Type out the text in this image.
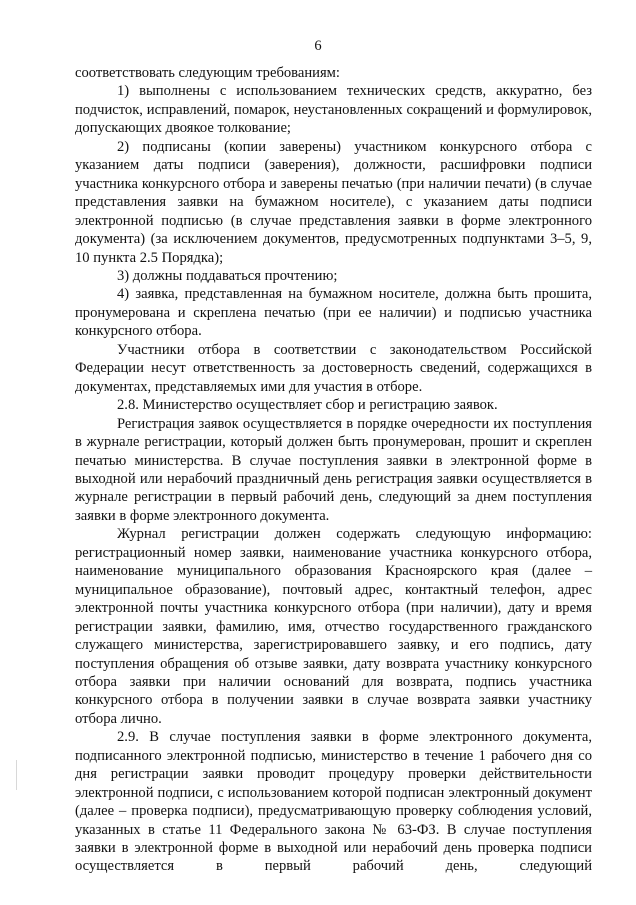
6

соответствовать следующим требованиям:

1) выполнены с использованием технических средств, аккуратно, без подчисток, исправлений, помарок, неустановленных сокращений и формулировок, допускающих двоякое толкование;

2) подписаны (копии заверены) участником конкурсного отбора с указанием даты подписи (заверения), должности, расшифровки подписи участника конкурсного отбора и заверены печатью (при наличии печати) (в случае представления заявки на бумажном носителе), с указанием даты подписи электронной подписью (в случае представления заявки в форме электронного документа) (за исключением документов, предусмотренных подпунктами 3–5, 9, 10 пункта 2.5 Порядка);

3) должны поддаваться прочтению;

4) заявка, представленная на бумажном носителе, должна быть прошита, пронумерована и скреплена печатью (при ее наличии) и подписью участника конкурсного отбора.

Участники отбора в соответствии с законодательством Российской Федерации несут ответственность за достоверность сведений, содержащихся в документах, представляемых ими для участия в отборе.

2.8. Министерство осуществляет сбор и регистрацию заявок.

Регистрация заявок осуществляется в порядке очередности их поступления в журнале регистрации, который должен быть пронумерован, прошит и скреплен печатью министерства. В случае поступления заявки в электронной форме в выходной или нерабочий праздничный день регистрация заявки осуществляется в журнале регистрации в первый рабочий день, следующий за днем поступления заявки в форме электронного документа.

Журнал регистрации должен содержать следующую информацию: регистрационный номер заявки, наименование участника конкурсного отбора, наименование муниципального образования Красноярского края (далее – муниципальное образование), почтовый адрес, контактный телефон, адрес электронной почты участника конкурсного отбора (при наличии), дату и время регистрации заявки, фамилию, имя, отчество государственного гражданского служащего министерства, зарегистрировавшего заявку, и его подпись, дату поступления обращения об отзыве заявки, дату возврата участнику конкурсного отбора заявки при наличии оснований для возврата, подпись участника конкурсного отбора в получении заявки в случае возврата заявки участнику отбора лично.

2.9. В случае поступления заявки в форме электронного документа, подписанного электронной подписью, министерство в течение 1 рабочего дня со дня регистрации заявки проводит процедуру проверки действительности электронной подписи, с использованием которой подписан электронный документ (далее – проверка подписи), предусматривающую проверку соблюдения условий, указанных в статье 11 Федерального закона № 63-ФЗ. В случае поступления заявки в электронной форме в выходной или нерабочий день проверка подписи осуществляется в первый рабочий день, следующий
